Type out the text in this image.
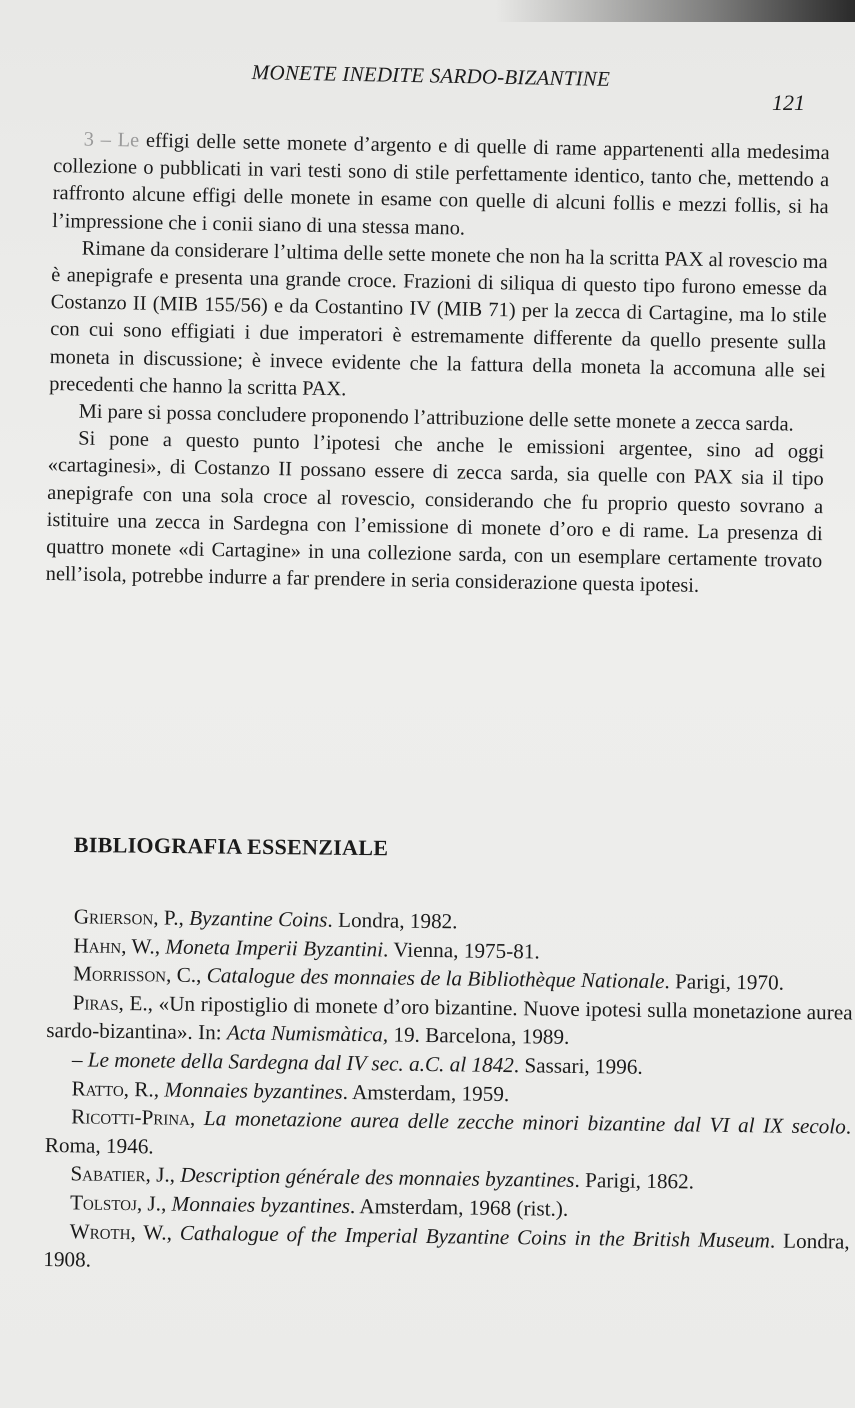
MONETE INEDITE SARDO-BIZANTINE
121

3 – Le effigi delle sette monete d’argento e di quelle di rame appartenenti alla medesima collezione o pubblicati in vari testi sono di stile perfettamente identico, tanto che, mettendo a raffronto alcune effigi delle monete in esame con quelle di alcuni follis e mezzi follis, si ha l’impressione che i conii siano di una stessa mano.

Rimane da considerare l’ultima delle sette monete che non ha la scritta PAX al rovescio ma è anepigrafe e presenta una grande croce. Frazioni di siliqua di questo tipo furono emesse da Costanzo II (MIB 155/56) e da Costantino IV (MIB 71) per la zecca di Cartagine, ma lo stile con cui sono effigiati i due imperatori è estremamente differente da quello presente sulla moneta in discussione; è invece evidente che la fattura della moneta la accomuna alle sei precedenti che hanno la scritta PAX.

Mi pare si possa concludere proponendo l’attribuzione delle sette monete a zecca sarda.

Si pone a questo punto l’ipotesi che anche le emissioni argentee, sino ad oggi «cartaginesi», di Costanzo II possano essere di zecca sarda, sia quelle con PAX sia il tipo anepigrafe con una sola croce al rovescio, considerando che fu proprio questo sovrano a istituire una zecca in Sardegna con l’emissione di monete d’oro e di rame. La presenza di quattro monete «di Cartagine» in una collezione sarda, con un esemplare certamente trovato nell’isola, potrebbe indurre a far prendere in seria considerazione questa ipotesi.

BIBLIOGRAFIA ESSENZIALE

Grierson, P., Byzantine Coins. Londra, 1982.

Hahn, W., Moneta Imperii Byzantini. Vienna, 1975-81.

Morrisson, C., Catalogue des monnaies de la Bibliothèque Nationale. Parigi, 1970.

Piras, E., «Un ripostiglio di monete d’oro bizantine. Nuove ipotesi sulla monetazione aurea sardo-bizantina». In: Acta Numismàtica, 19. Barcelona, 1989.

– Le monete della Sardegna dal IV sec. a.C. al 1842. Sassari, 1996.

Ratto, R., Monnaies byzantines. Amsterdam, 1959.

Ricotti-Prina, La monetazione aurea delle zecche minori bizantine dal VI al IX secolo. Roma, 1946.

Sabatier, J., Description générale des monnaies byzantines. Parigi, 1862.

Tolstoj, J., Monnaies byzantines. Amsterdam, 1968 (rist.).

Wroth, W., Cathalogue of the Imperial Byzantine Coins in the British Museum. Londra, 1908.
